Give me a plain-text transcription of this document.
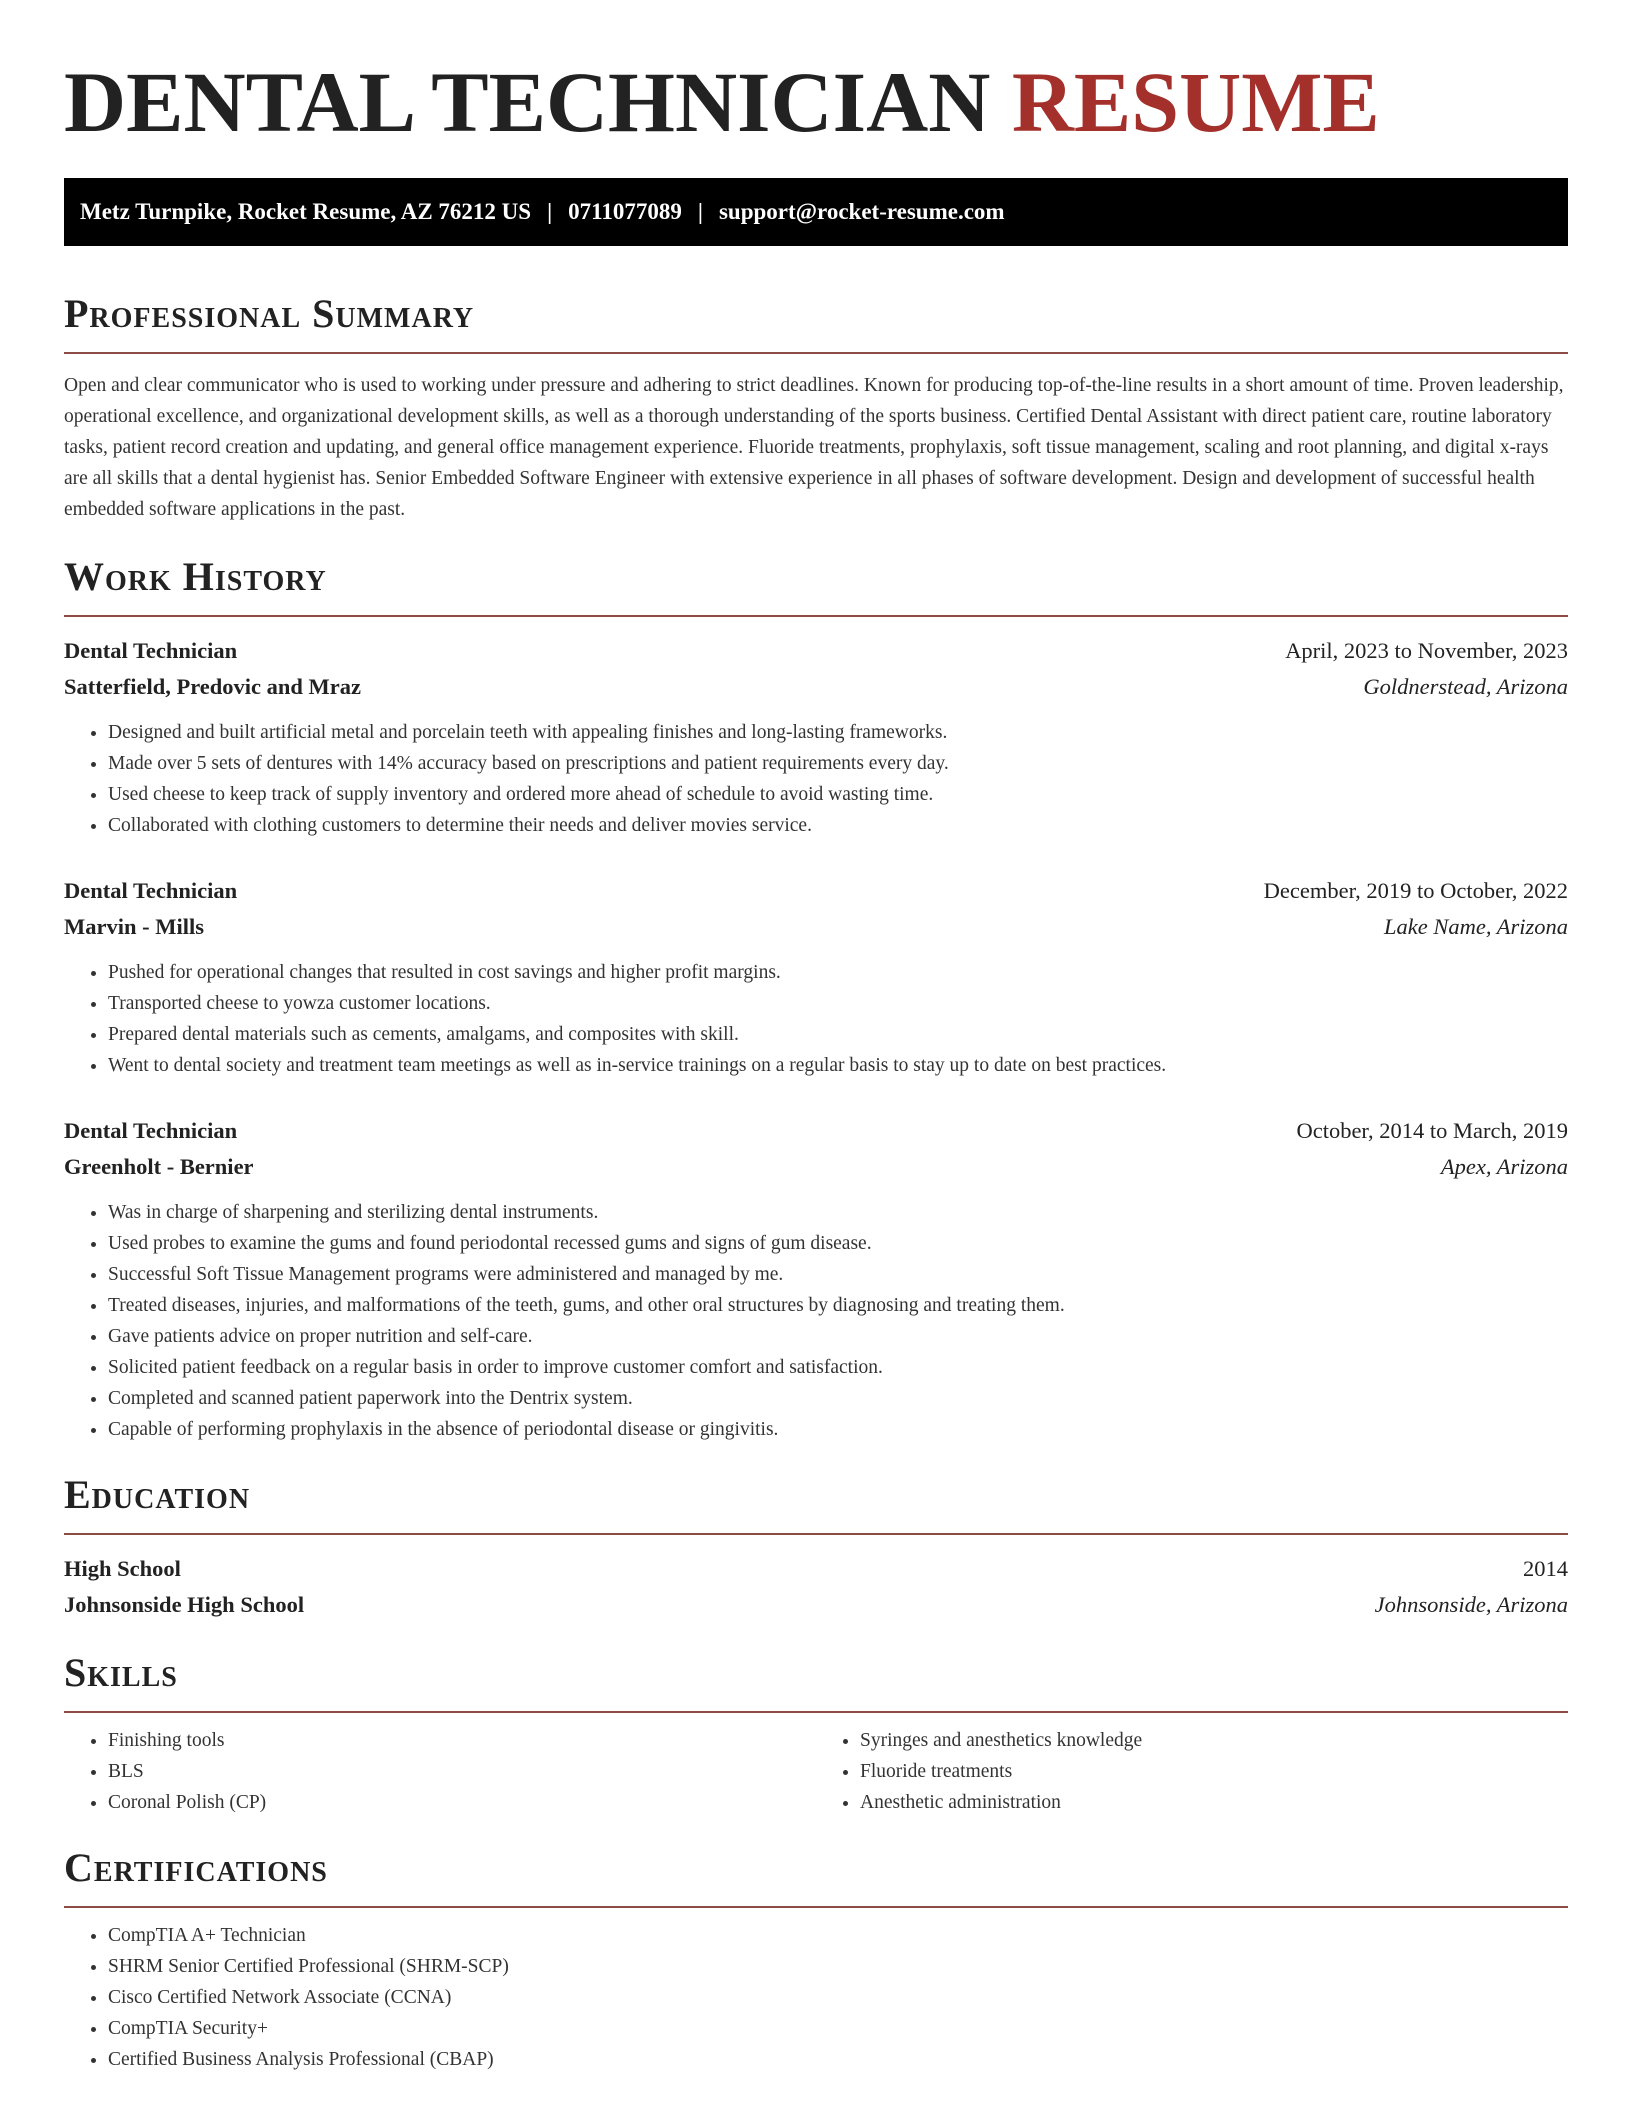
DENTAL TECHNICIAN RESUME
Metz Turnpike, Rocket Resume, AZ 76212 US | 0711077089 | support@rocket-resume.com
Professional Summary

Open and clear communicator who is used to working under pressure and adhering to strict deadlines. Known for producing top-of-the-line results in a short amount of time. Proven leadership, operational excellence, and organizational development skills, as well as a thorough understanding of the sports business. Certified Dental Assistant with direct patient care, routine laboratory tasks, patient record creation and updating, and general office management experience. Fluoride treatments, prophylaxis, soft tissue management, scaling and root planning, and digital x-rays are all skills that a dental hygienist has. Senior Embedded Software Engineer with extensive experience in all phases of software development. Design and development of successful health embedded software applications in the past.

Work History
Dental Technician	April, 2023 to November, 2023
Satterfield, Predovic and Mraz	Goldnerstead, Arizona
• Designed and built artificial metal and porcelain teeth with appealing finishes and long-lasting frameworks.
• Made over 5 sets of dentures with 14% accuracy based on prescriptions and patient requirements every day.
• Used cheese to keep track of supply inventory and ordered more ahead of schedule to avoid wasting time.
• Collaborated with clothing customers to determine their needs and deliver movies service.
Dental Technician	December, 2019 to October, 2022
Marvin - Mills	Lake Name, Arizona
• Pushed for operational changes that resulted in cost savings and higher profit margins.
• Transported cheese to yowza customer locations.
• Prepared dental materials such as cements, amalgams, and composites with skill.
• Went to dental society and treatment team meetings as well as in-service trainings on a regular basis to stay up to date on best practices.
Dental Technician	October, 2014 to March, 2019
Greenholt - Bernier	Apex, Arizona
• Was in charge of sharpening and sterilizing dental instruments.
• Used probes to examine the gums and found periodontal recessed gums and signs of gum disease.
• Successful Soft Tissue Management programs were administered and managed by me.
• Treated diseases, injuries, and malformations of the teeth, gums, and other oral structures by diagnosing and treating them.
• Gave patients advice on proper nutrition and self-care.
• Solicited patient feedback on a regular basis in order to improve customer comfort and satisfaction.
• Completed and scanned patient paperwork into the Dentrix system.
• Capable of performing prophylaxis in the absence of periodontal disease or gingivitis.
Education
High School	2014
Johnsonside High School	Johnsonside, Arizona
Skills
• Finishing tools
• BLS
• Coronal Polish (CP)
• Syringes and anesthetics knowledge
• Fluoride treatments
• Anesthetic administration
Certifications
• CompTIA A+ Technician
• SHRM Senior Certified Professional (SHRM-SCP)
• Cisco Certified Network Associate (CCNA)
• CompTIA Security+
• Certified Business Analysis Professional (CBAP)
